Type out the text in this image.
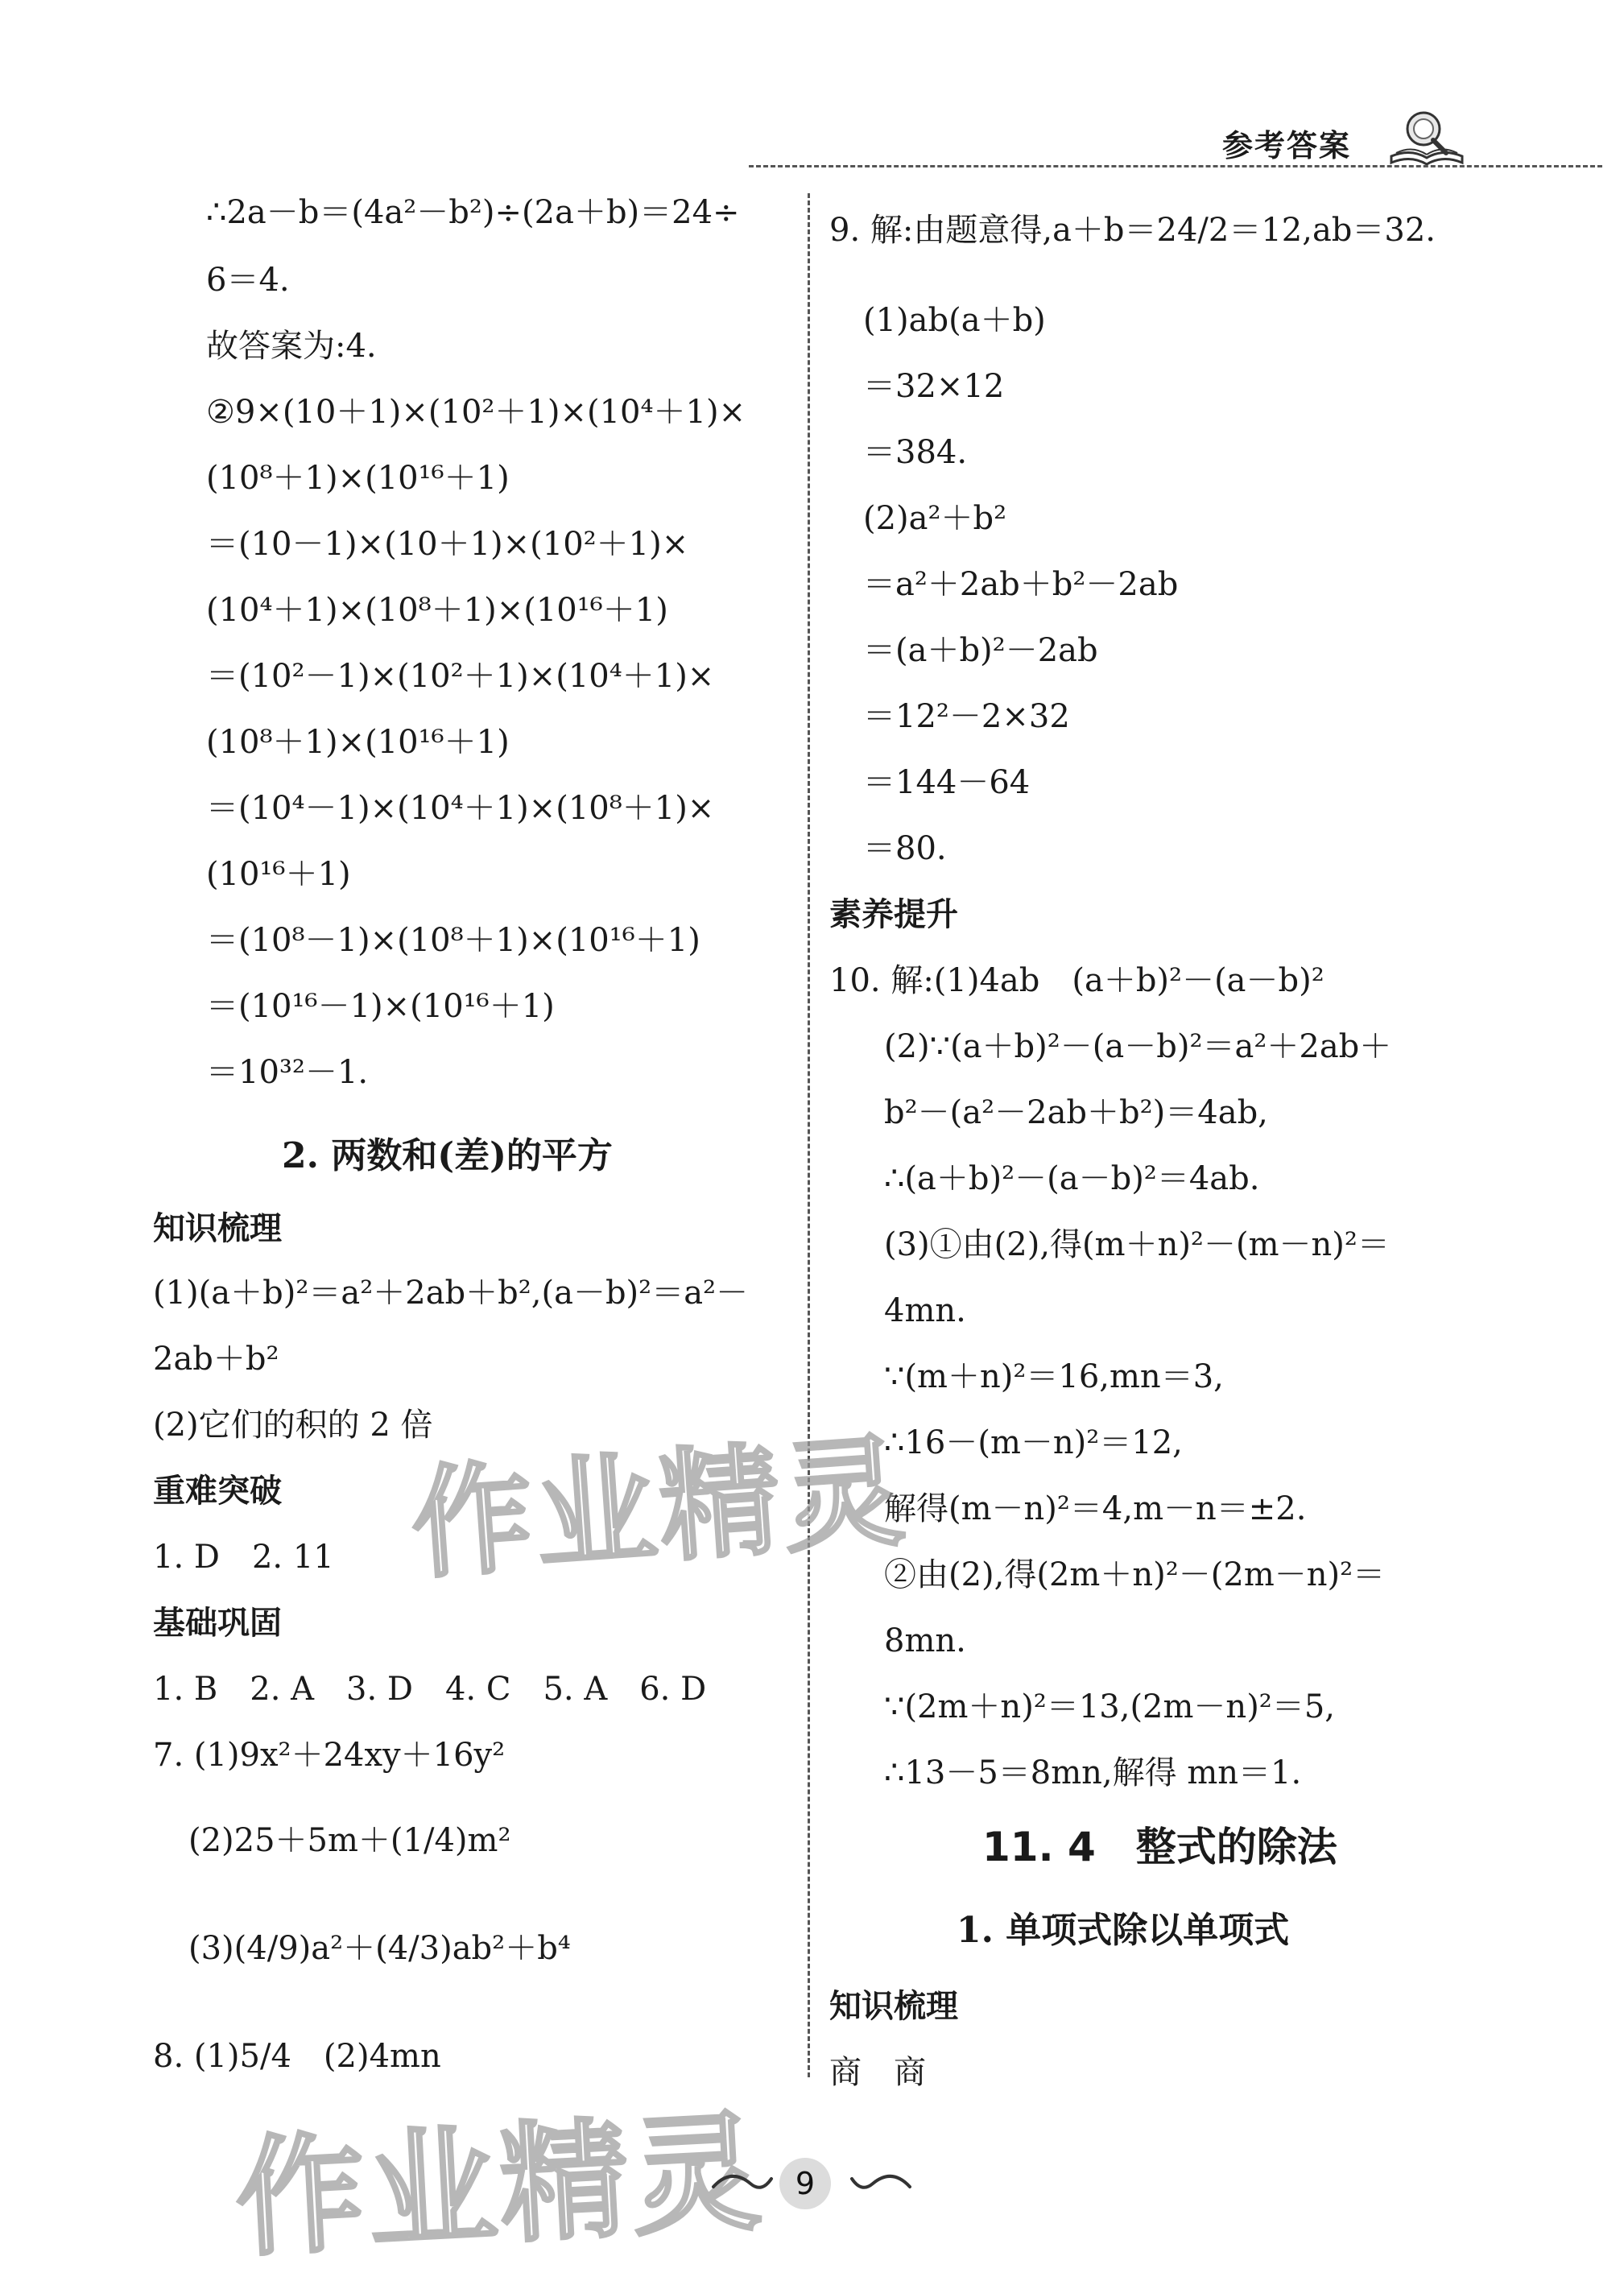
参考答案
∴2a－b＝(4a²－b²)÷(2a＋b)＝24÷
6＝4.
故答案为:4.
②9×(10＋1)×(10²＋1)×(10⁴＋1)×
(10⁸＋1)×(10¹⁶＋1)
＝(10－1)×(10＋1)×(10²＋1)×
(10⁴＋1)×(10⁸＋1)×(10¹⁶＋1)
＝(10²－1)×(10²＋1)×(10⁴＋1)×
(10⁸＋1)×(10¹⁶＋1)
＝(10⁴－1)×(10⁴＋1)×(10⁸＋1)×
(10¹⁶＋1)
＝(10⁸－1)×(10⁸＋1)×(10¹⁶＋1)
＝(10¹⁶－1)×(10¹⁶＋1)
＝10³²－1.
2. 两数和(差)的平方
知识梳理
(1)(a＋b)²＝a²＋2ab＋b²,(a－b)²＝a²－
2ab＋b²
(2)它们的积的 2 倍
重难突破
1. D　2. 11
基础巩固
1. B　2. A　3. D　4. C　5. A　6. D
7. (1)9x²＋24xy＋16y²
(2)25＋5m＋(1/4)m²
(3)(4/9)a²＋(4/3)ab²＋b⁴
8. (1)5/4　(2)4mn
9. 解:由题意得,a＋b＝24/2＝12,ab＝32.
(1)ab(a＋b)
＝32×12
＝384.
(2)a²＋b²
＝a²＋2ab＋b²－2ab
＝(a＋b)²－2ab
＝12²－2×32
＝144－64
＝80.
素养提升
10. 解:(1)4ab　(a＋b)²－(a－b)²
(2)∵(a＋b)²－(a－b)²＝a²＋2ab＋
b²－(a²－2ab＋b²)＝4ab,
∴(a＋b)²－(a－b)²＝4ab.
(3)①由(2),得(m＋n)²－(m－n)²＝
4mn.
∵(m＋n)²＝16,mn＝3,
∴16－(m－n)²＝12,
解得(m－n)²＝4,m－n＝±2.
②由(2),得(2m＋n)²－(2m－n)²＝
8mn.
∵(2m＋n)²＝13,(2m－n)²＝5,
∴13－5＝8mn,解得 mn＝1.
11. 4　整式的除法
1. 单项式除以单项式
知识梳理
商　商
作业精灵
作业精灵 9
